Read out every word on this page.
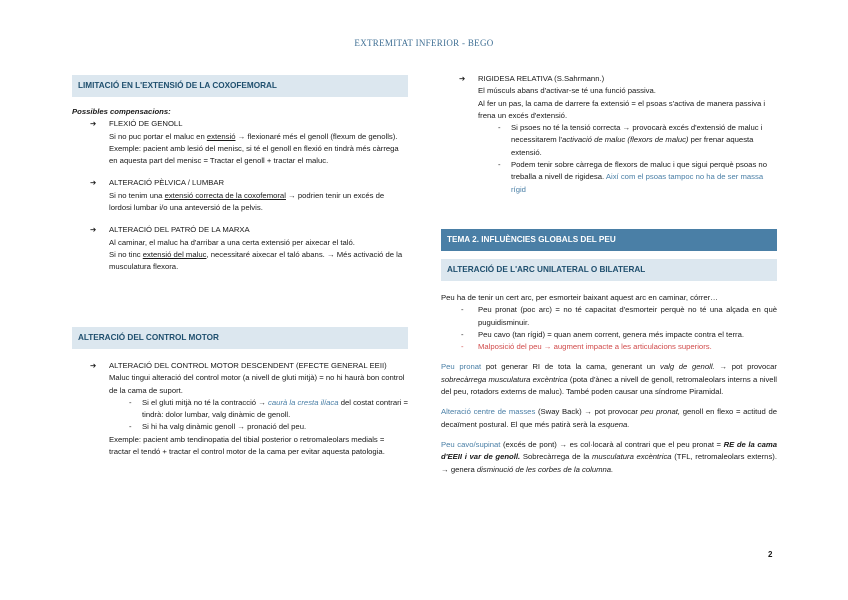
EXTREMITAT INFERIOR - BEGO
LIMITACIÓ EN L'EXTENSIÓ DE LA COXOFEMORAL
Possibles compensacions:
➔ FLEXIÓ DE GENOLL
Si no puc portar el maluc en extensió → flexionaré més el genoll (flexum de genolls).
Exemple: pacient amb lesió del menisc, si té el genoll en flexió en tindrà més càrrega en aquesta part del menisc = Tractar el genoll + tractar el maluc.
➔ ALTERACIÓ PÈLVICA / LUMBAR
Si no tenim una extensió correcta de la coxofemoral → podrien tenir un excés de lordosi lumbar i/o una anteversió de la pelvis.
➔ ALTERACIÓ DEL PATRÓ DE LA MARXA
Al caminar, el maluc ha d'arribar a una certa extensió per aixecar el taló.
Si no tinc extensió del maluc, necessitaré aixecar el taló abans. → Més activació de la musculatura flexora.
ALTERACIÓ DEL CONTROL MOTOR
➔ ALTERACIÓ DEL CONTROL MOTOR DESCENDENT (EFECTE GENERAL EEII)
Maluc tingui alteració del control motor (a nivell de gluti mitjà) = no hi haurà bon control de la cama de suport.
- Si el gluti mitjà no té la contracció → caurà la cresta ilíaca del costat contrari = tindrà: dolor lumbar, valg dinàmic de genoll.
- Si hi ha valg dinàmic genoll → pronació del peu.
Exemple: pacient amb tendinopatia del tibial posterior o retromaleolars medials = tractar el tendó + tractar el control motor de la cama per evitar aquesta patologia.
➔ RIGIDESA RELATIVA (S.Sahrmann.)
El músculs abans d'activar-se té una funció passiva.
Al fer un pas, la cama de darrere fa extensió = el psoas s'activa de manera passiva i frena un excés d'extensió.
- Si psoes no té la tensió correcta → provocarà excés d'extensió de maluc i necessitarem l'activació de maluc (flexors de maluc) per frenar aquesta extensió.
- Podem tenir sobre càrrega de flexors de maluc i que sigui perquè psoas no treballa a nivell de rigidesa. Així com el psoas tampoc no ha de ser massa rígid
TEMA 2. INFLUÈNCIES GLOBALS DEL PEU
ALTERACIÓ DE L'ARC UNILATERAL O BILATERAL
Peu ha de tenir un cert arc, per esmorteir baixant aquest arc en caminar, córrer…
- Peu pronat (poc arc) = no té capacitat d'esmorteir perquè no té una alçada en què puguidisminuir.
- Peu cavo (tan rígid) = quan anem corrent, genera més impacte contra el terra.
- Malposició del peu → augment impacte a les articulacions superiors.
Peu pronat pot generar RI de tota la cama, generant un valg de genoll. → pot provocar sobrecàrrega musculatura excèntrica (pota d'ànec a nivell de genoll, retromaleolars interns a nivell del peu, rotadors externs de maluc). També poden causar una síndrome Piramidal.
Alteració centre de masses (Sway Back) → pot provocar peu pronat, genoll en flexo = actitud de decaïment postural. El que més patirà serà la esquena.
Peu cavo/supinat (excés de pont) → es col·locarà al contrari que el peu pronat = RE de la cama d'EEII i var de genoll. Sobrecàrrega de la musculatura excèntrica (TFL, retromaleolars externs). → genera disminució de les corbes de la columna.
2
